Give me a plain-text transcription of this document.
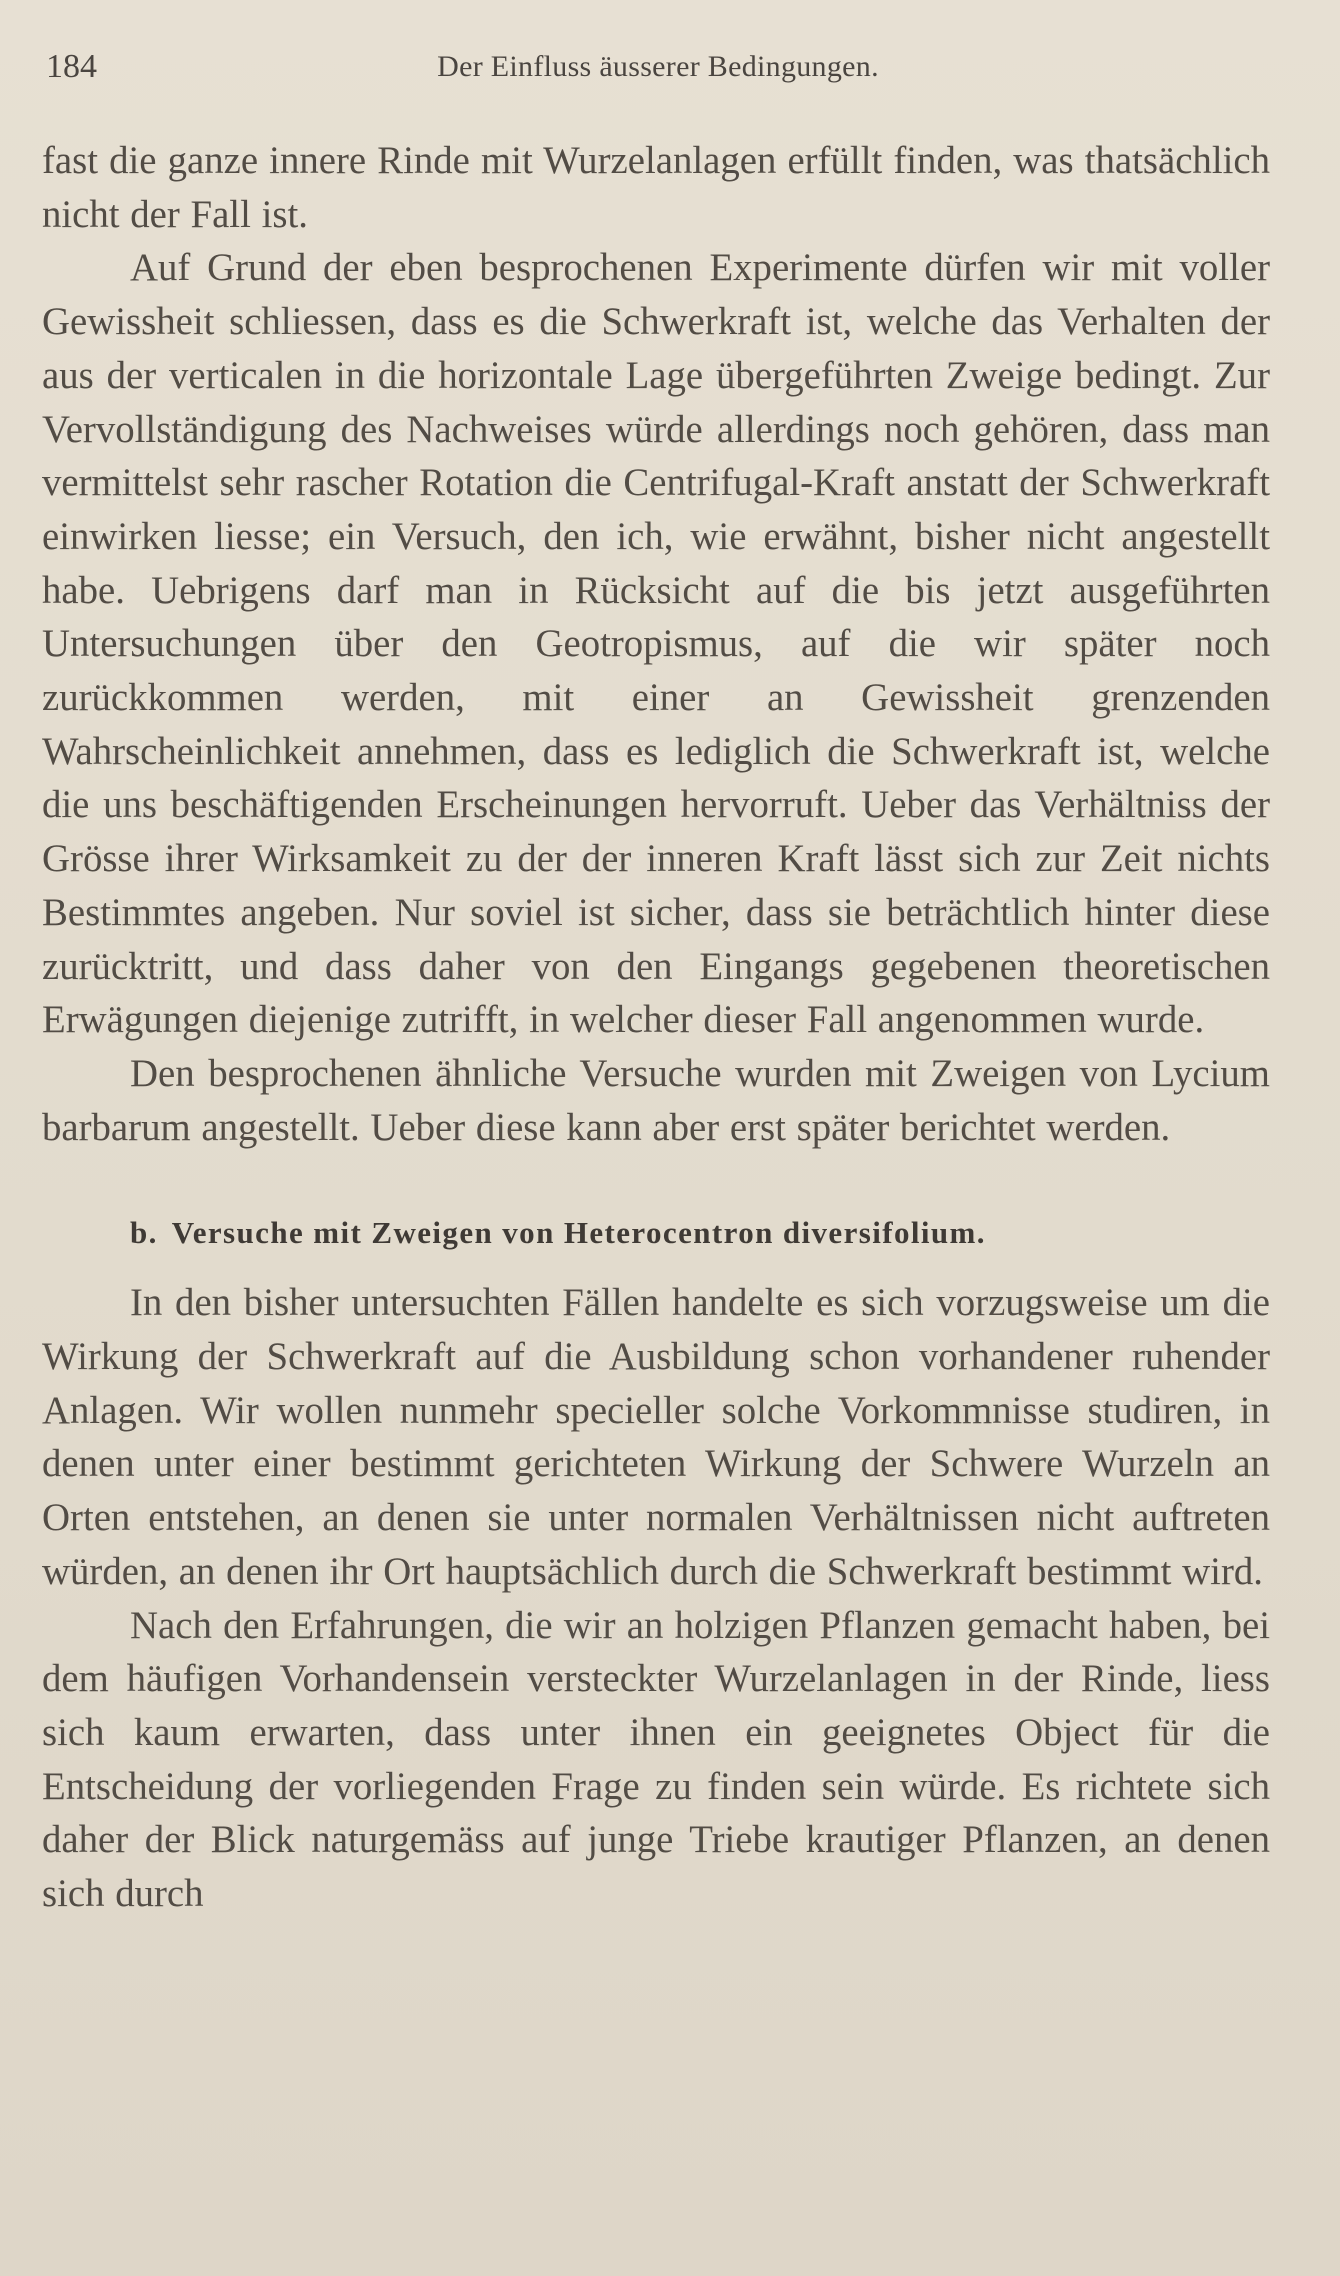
184	Der Einfluss äusserer Bedingungen.

fast die ganze innere Rinde mit Wurzelanlagen erfüllt finden, was thatsächlich nicht der Fall ist.

Auf Grund der eben besprochenen Experimente dürfen wir mit voller Gewissheit schliessen, dass es die Schwerkraft ist, welche das Verhalten der aus der verticalen in die horizontale Lage übergeführten Zweige bedingt. Zur Vervollständigung des Nachweises würde allerdings noch gehören, dass man vermittelst sehr rascher Rotation die Centrifugal-Kraft anstatt der Schwerkraft einwirken liesse; ein Versuch, den ich, wie erwähnt, bisher nicht angestellt habe. Uebrigens darf man in Rücksicht auf die bis jetzt ausgeführten Untersuchungen über den Geotropismus, auf die wir später noch zurückkommen werden, mit einer an Gewissheit grenzenden Wahrscheinlichkeit annehmen, dass es lediglich die Schwerkraft ist, welche die uns beschäftigenden Erscheinungen hervorruft. Ueber das Verhältniss der Grösse ihrer Wirksamkeit zu der der inneren Kraft lässt sich zur Zeit nichts Bestimmtes angeben. Nur soviel ist sicher, dass sie beträchtlich hinter diese zurücktritt, und dass daher von den Eingangs gegebenen theoretischen Erwägungen diejenige zutrifft, in welcher dieser Fall angenommen wurde.

Den besprochenen ähnliche Versuche wurden mit Zweigen von Lycium barbarum angestellt. Ueber diese kann aber erst später berichtet werden.

b. Versuche mit Zweigen von Heterocentron diversifolium.

In den bisher untersuchten Fällen handelte es sich vorzugsweise um die Wirkung der Schwerkraft auf die Ausbildung schon vorhandener ruhender Anlagen. Wir wollen nunmehr specieller solche Vorkommnisse studiren, in denen unter einer bestimmt gerichteten Wirkung der Schwere Wurzeln an Orten entstehen, an denen sie unter normalen Verhältnissen nicht auftreten würden, an denen ihr Ort hauptsächlich durch die Schwerkraft bestimmt wird.

Nach den Erfahrungen, die wir an holzigen Pflanzen gemacht haben, bei dem häufigen Vorhandensein versteckter Wurzelanlagen in der Rinde, liess sich kaum erwarten, dass unter ihnen ein geeignetes Object für die Entscheidung der vorliegenden Frage zu finden sein würde. Es richtete sich daher der Blick naturgemäss auf junge Triebe krautiger Pflanzen, an denen sich durch
